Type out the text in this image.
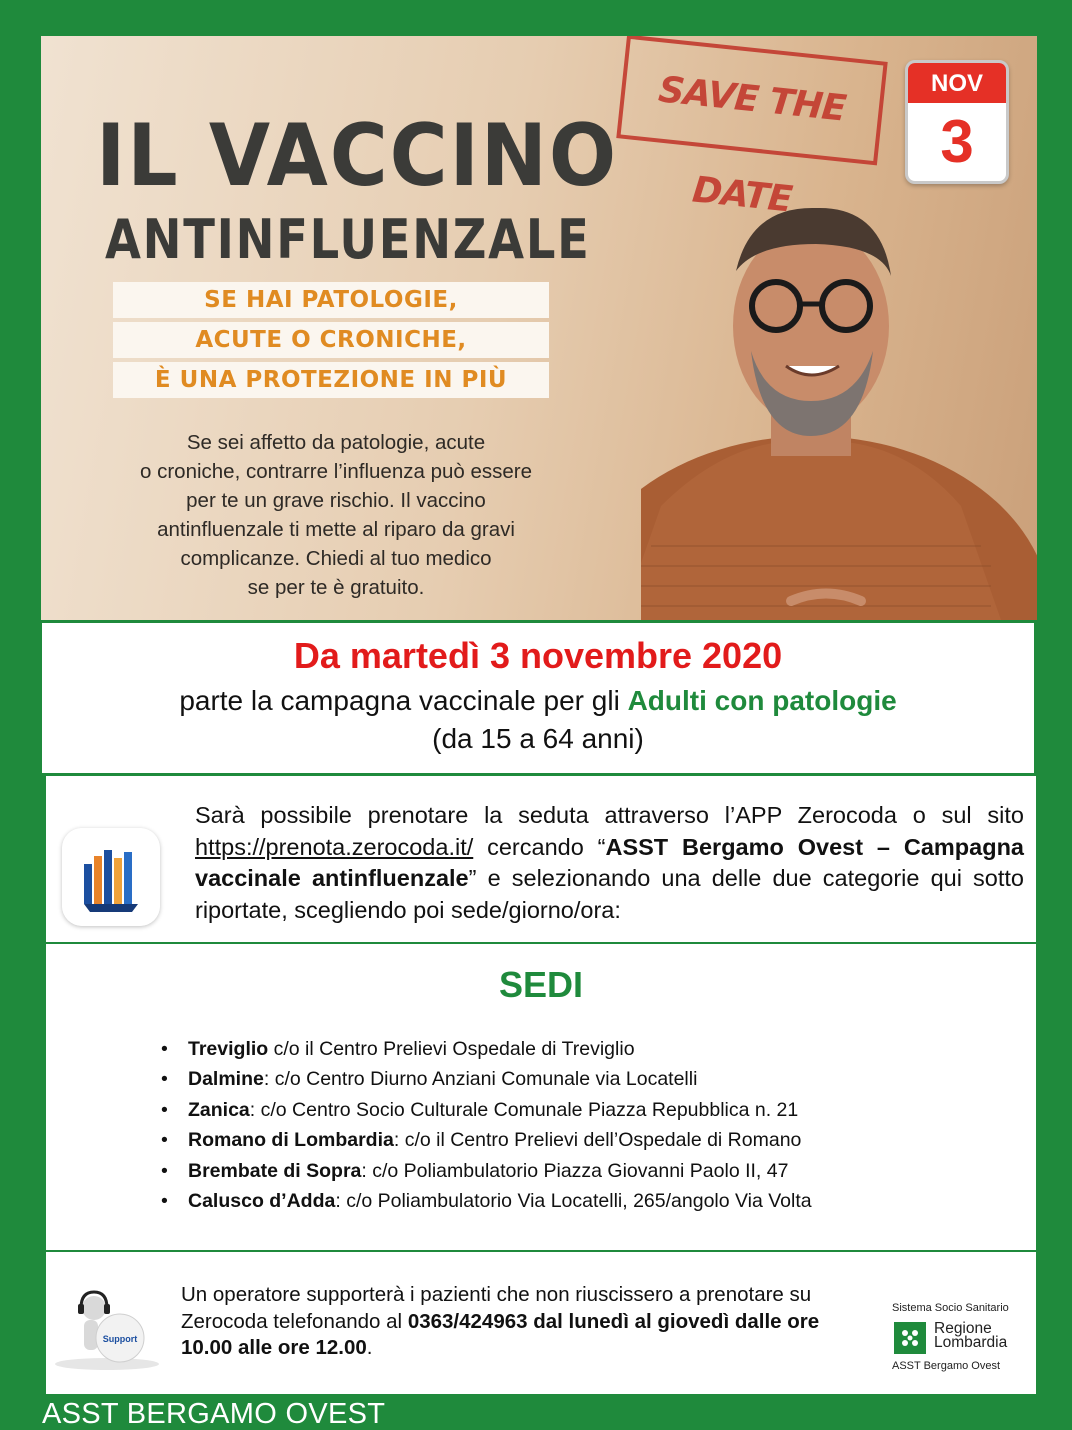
IL VACCINO
ANTINFLUENZALE
SE HAI PATOLOGIE,
ACUTE O CRONICHE,
È UNA PROTEZIONE IN PIÙ
Se sei affetto da patologie, acute
o croniche, contrarre l’influenza può essere
per te un grave rischio. Il vaccino
antinfluenzale ti mette al riparo da gravi
complicanze. Chiedi al tuo medico
se per te è gratuito.
SAVE THE DATE
NOV
3
Da martedì 3 novembre 2020
parte la campagna vaccinale per gli Adulti con patologie
(da 15 a 64 anni)
Sarà possibile prenotare la seduta attraverso l’APP Zerocoda o sul sito https://prenota.zerocoda.it/ cercando “ASST Bergamo Ovest – Campagna vaccinale antinfluenzale” e selezionando una delle due categorie qui sotto riportate, scegliendo poi sede/giorno/ora:
SEDI
• Treviglio c/o il Centro Prelievi Ospedale di Treviglio
• Dalmine: c/o Centro Diurno Anziani Comunale via Locatelli
• Zanica: c/o Centro Socio Culturale Comunale Piazza Repubblica n. 21
• Romano di Lombardia: c/o il Centro Prelievi dell’Ospedale di Romano
• Brembate di Sopra: c/o Poliambulatorio Piazza Giovanni Paolo II, 47
• Calusco d’Adda: c/o Poliambulatorio Via Locatelli, 265/angolo Via Volta
Support
Un operatore supporterà i pazienti che non riuscissero a prenotare su Zerocoda telefonando al 0363/424963 dal lunedì al giovedì dalle ore 10.00 alle ore 12.00.
Sistema Socio Sanitario
Regione
Lombardia
ASST Bergamo Ovest
ASST BERGAMO OVEST
